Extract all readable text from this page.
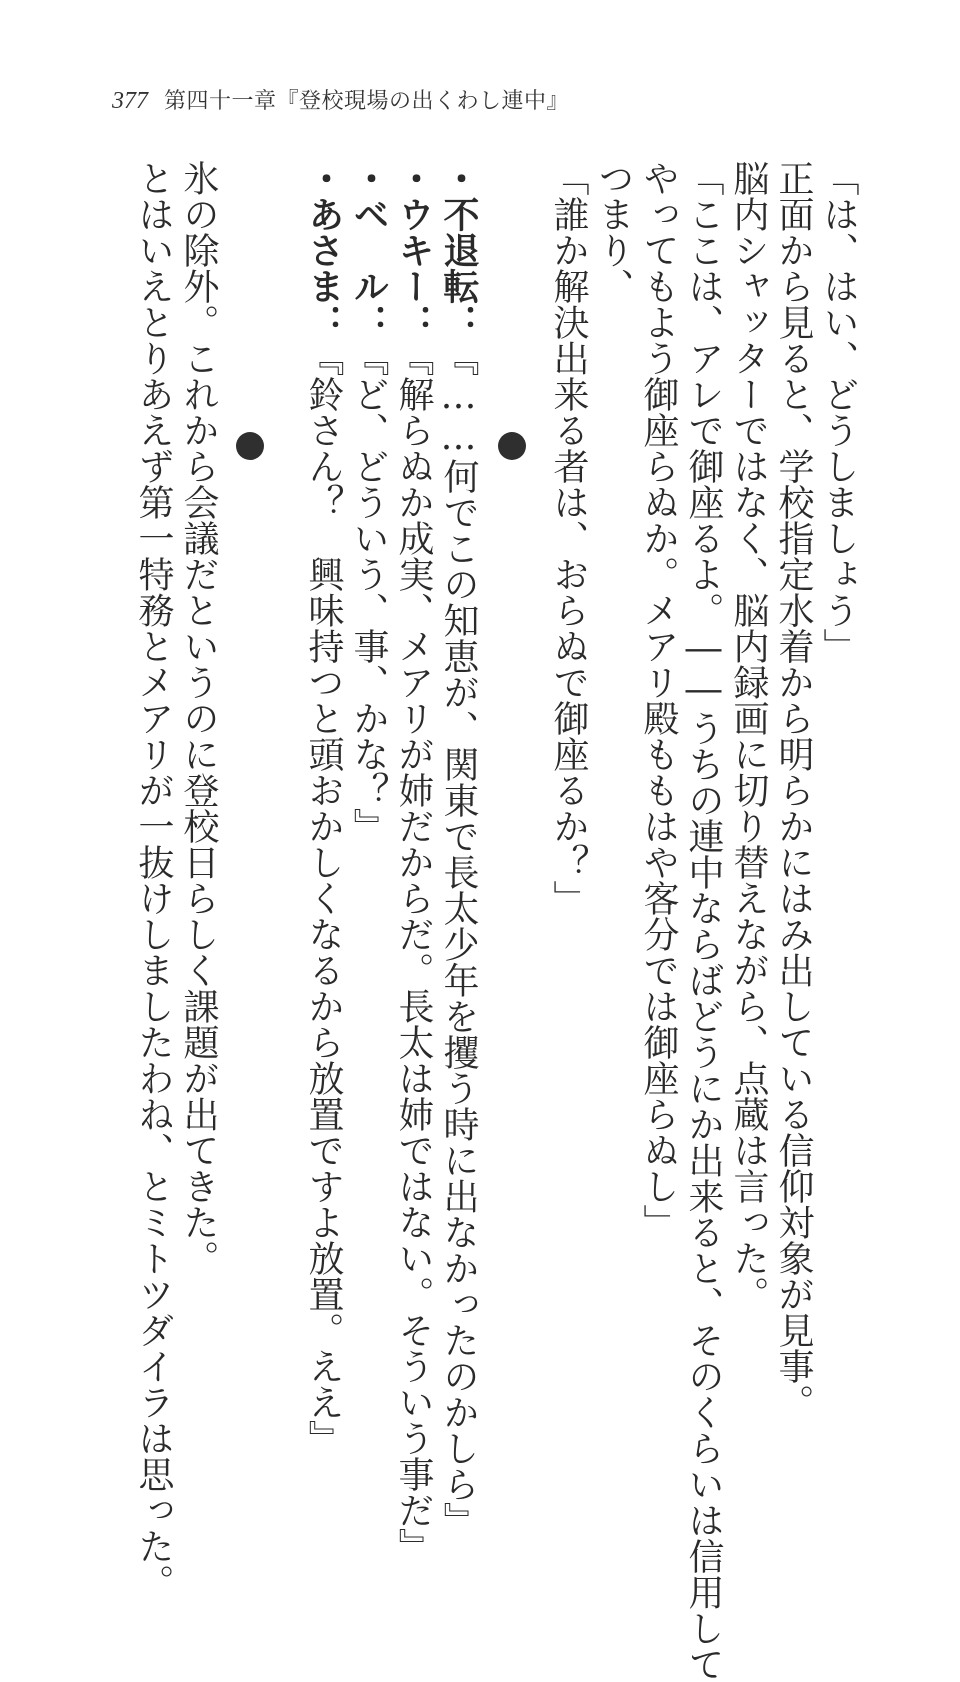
377 第四十一章『登校現場の出くわし連中』
「は、はい、どうしましょう」
正面から見ると、学校指定水着から明らかにはみ出している信仰対象が見事。
脳内シャッターではなく、脳内録画に切り替えながら、点蔵は言った。
「ここは、アレで御座るよ。――うちの連中ならばどうにか出来ると、そのくらいは信用して
やってもよう御座らぬか。メアリ殿ももはや客分では御座らぬし」
つまり、
「誰か解決出来る者は、おらぬで御座るか？」
・不退転：『……何でこの知恵が、関東で長太少年を攫う時に出なかったのかしら』
・ウキー：『解らぬか成実、メアリが姉だからだ。長太は姉ではない。そういう事だ』
・ベ　ル：『ど、どういう、事、かな？』
・あさま：『鈴さん？　興味持つと頭おかしくなるから放置ですよ放置。ええ』
氷の除外。これから会議だというのに登校日らしく課題が出てきた。
とはいえとりあえず第一特務とメアリが一抜けしましたわね、とミトツダイラは思った。
